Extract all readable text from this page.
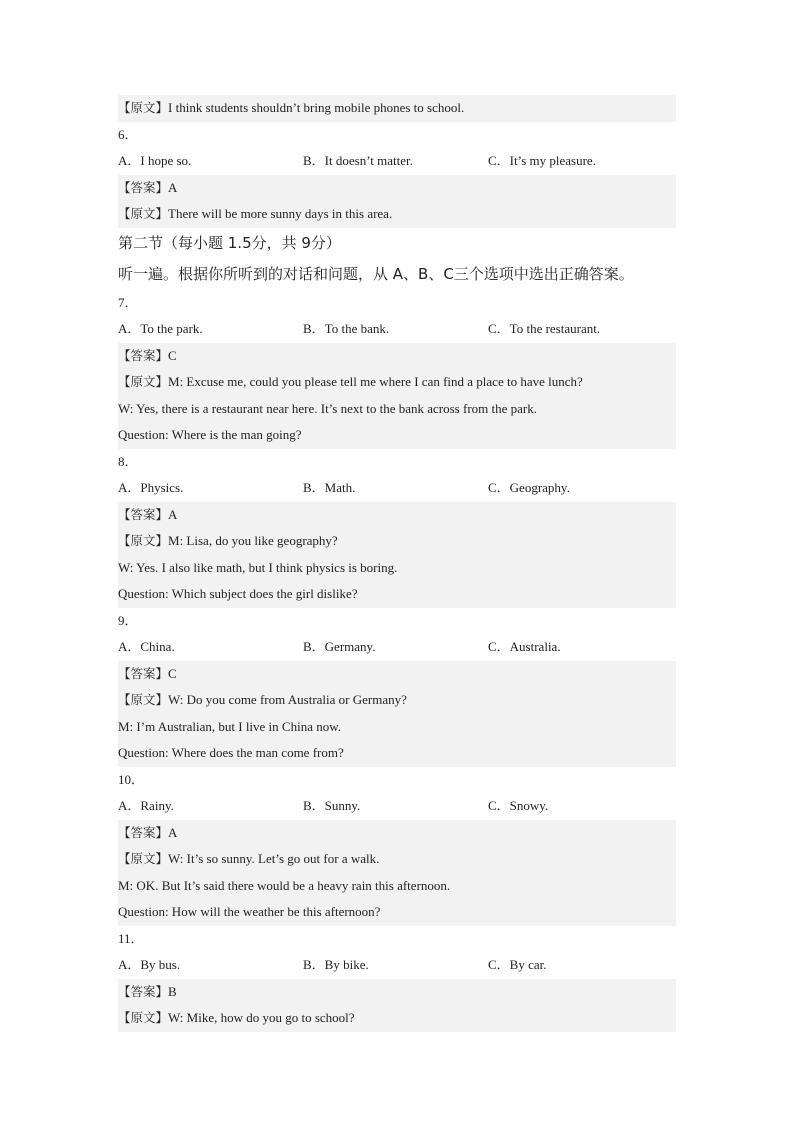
【原文】I think students shouldn’t bring mobile phones to school.
6．
A．I hope so.	B．It doesn’t matter.	C．It’s my pleasure.
【答案】A
【原文】There will be more sunny days in this area.
第二节（每小题 1.5分，共 9分）
听一遍。根据你所听到的对话和问题，从 A、B、C三个选项中选出正确答案。
7．
A．To the park.	B．To the bank.	C．To the restaurant.
【答案】C
【原文】M: Excuse me, could you please tell me where I can find a place to have lunch?
W: Yes, there is a restaurant near here. It’s next to the bank across from the park.
Question: Where is the man going?
8．
A．Physics.	B．Math.	C．Geography.
【答案】A
【原文】M: Lisa, do you like geography?
W: Yes. I also like math, but I think physics is boring.
Question: Which subject does the girl dislike?
9．
A．China.	B．Germany.	C．Australia.
【答案】C
【原文】W: Do you come from Australia or Germany?
M: I’m Australian, but I live in China now.
Question: Where does the man come from?
10．
A．Rainy.	B．Sunny.	C．Snowy.
【答案】A
【原文】W: It’s so sunny. Let’s go out for a walk.
M: OK. But It’s said there would be a heavy rain this afternoon.
Question: How will the weather be this afternoon?
11．
A．By bus.	B．By bike.	C．By car.
【答案】B
【原文】W: Mike, how do you go to school?
